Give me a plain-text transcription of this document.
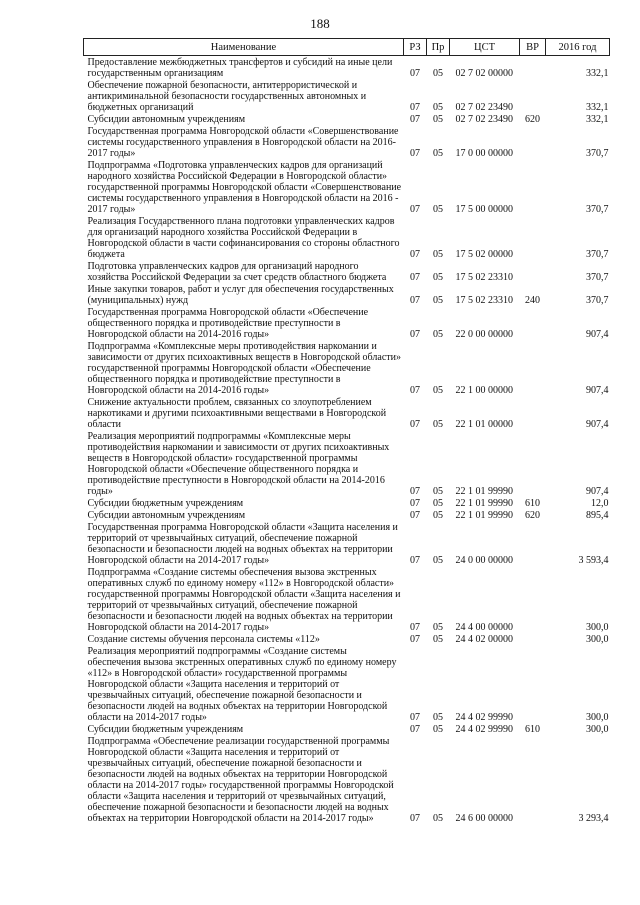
188
Наименование	РЗ	Пр	ЦСТ	ВР	2016 год
Предоставление межбюджетных трансфертов и субсидий на иные цели государственным организациям	07	05	02 7 02 00000		332,1
Обеспечение пожарной безопасности, антитеррористической и антикриминальной безопасности государственных автономных и бюджетных организаций	07	05	02 7 02 23490		332,1
Субсидии автономным учреждениям	07	05	02 7 02 23490	620	332,1
Государственная программа Новгородской области «Совершенствование системы государственного управления в Новгородской области на 2016-2017 годы»	07	05	17 0 00 00000		370,7
Подпрограмма «Подготовка управленческих кадров для организаций народного хозяйства Российской Федерации в Новгородской области» государственной программы Новгородской области «Совершенствование системы государственного управления в Новгородской области на 2016 - 2017 годы»	07	05	17 5 00 00000		370,7
Реализация Государственного плана подготовки управленческих кадров для организаций народного хозяйства Российской Федерации в Новгородской области в части софинансирования со стороны областного бюджета	07	05	17 5 02 00000		370,7
Подготовка управленческих кадров для организаций народного хозяйства Российской Федерации за счет средств областного бюджета	07	05	17 5 02 23310		370,7
Иные закупки товаров, работ и услуг для обеспечения государственных (муниципальных) нужд	07	05	17 5 02 23310	240	370,7
Государственная программа Новгородской области «Обеспечение общественного порядка и противодействие преступности в Новгородской области на 2014-2016 годы»	07	05	22 0 00 00000		907,4
Подпрограмма «Комплексные меры противодействия наркомании и зависимости от других психоактивных веществ в Новгородской области» государственной программы Новгородской области «Обеспечение общественного порядка и противодействие преступности в Новгородской области на 2014-2016 годы»	07	05	22 1 00 00000		907,4
Снижение актуальности проблем, связанных со злоупотреблением наркотиками и другими психоактивными веществами в Новгородской области	07	05	22 1 01 00000		907,4
Реализация мероприятий подпрограммы «Комплексные меры противодействия наркомании и зависимости от других психоактивных веществ в Новгородской области» государственной программы Новгородской области «Обеспечение общественного порядка и противодействие преступности в Новгородской области на 2014-2016 годы»	07	05	22 1 01 99990		907,4
Субсидии бюджетным учреждениям	07	05	22 1 01 99990	610	12,0
Субсидии автономным учреждениям	07	05	22 1 01 99990	620	895,4
Государственная программа Новгородской области «Защита населения и территорий от чрезвычайных ситуаций, обеспечение пожарной безопасности и безопасности людей на водных объектах на территории Новгородской области на 2014-2017 годы»	07	05	24 0 00 00000		3 593,4
Подпрограмма «Создание системы обеспечения вызова экстренных оперативных служб по единому номеру «112» в Новгородской области» государственной программы Новгородской области «Защита населения и территорий от чрезвычайных ситуаций, обеспечение пожарной безопасности и безопасности людей на водных объектах на территории Новгородской области на 2014-2017 годы»	07	05	24 4 00 00000		300,0
Создание системы обучения персонала системы «112»	07	05	24 4 02 00000		300,0
Реализация мероприятий подпрограммы «Создание системы обеспечения вызова экстренных оперативных служб по единому номеру «112» в Новгородской области» государственной программы Новгородской области «Защита населения и территорий от чрезвычайных ситуаций, обеспечение пожарной безопасности и безопасности людей на водных объектах на территории Новгородской области на 2014-2017 годы»	07	05	24 4 02 99990		300,0
Субсидии бюджетным учреждениям	07	05	24 4 02 99990	610	300,0
Подпрограмма «Обеспечение реализации государственной программы Новгородской области «Защита населения и территорий от чрезвычайных ситуаций, обеспечение пожарной безопасности и безопасности людей на водных объектах на территории Новгородской области на 2014-2017 годы» государственной программы Новгородской области «Защита населения и территорий от чрезвычайных ситуаций, обеспечение пожарной безопасности и безопасности людей на водных объектах на территории Новгородской области на 2014-2017 годы»	07	05	24 6 00 00000		3 293,4
